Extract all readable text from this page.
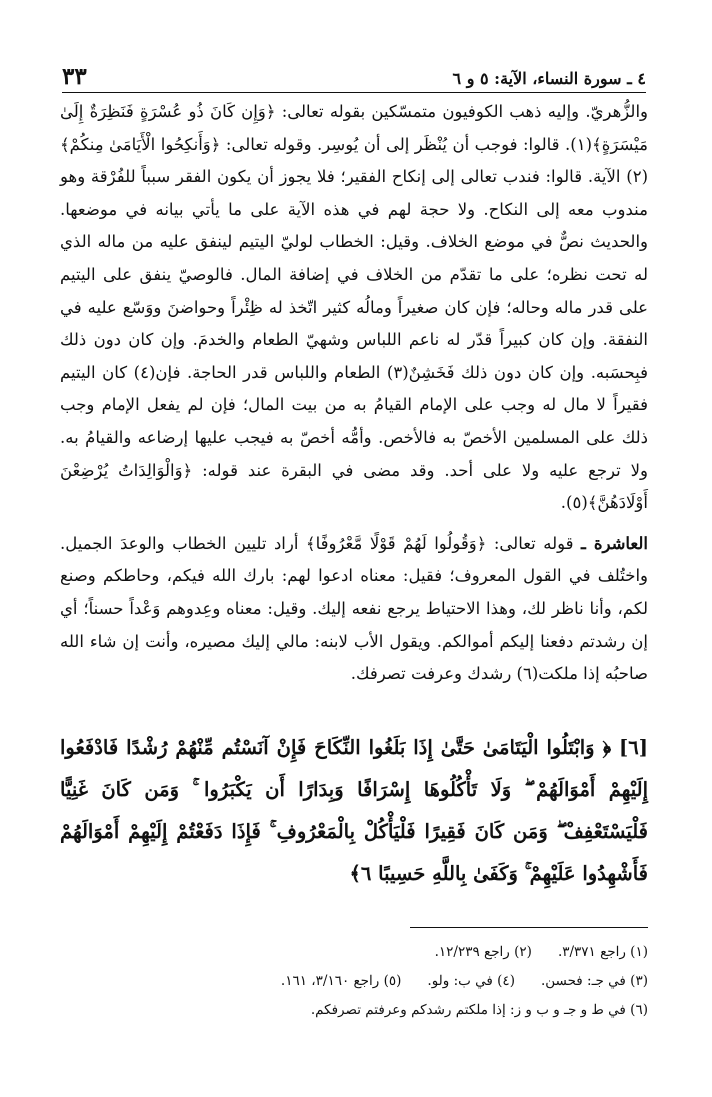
٤ ـ سورة النساء، الآية: ٥ و ٦
٣٣

والزُّهريّ. وإليه ذهب الكوفيون متمسّكين بقوله تعالى: ﴿وَإِن كَانَ ذُو عُسْرَةٍ فَنَظِرَةٌ إِلَىٰ مَيْسَرَةٍ﴾(١). قالوا: فوجب أن يُنْظَر إلى أن يُوسِر. وقوله تعالى: ﴿وَأَنكِحُوا الْأَيَامَىٰ مِنكُمْ﴾(٢) الآية. قالوا: فندب تعالى إلى إنكاح الفقير؛ فلا يجوز أن يكون الفقر سبباً للفُرْقة وهو مندوب معه إلى النكاح. ولا حجة لهم في هذه الآية على ما يأتي بيانه في موضعها. والحديث نصٌّ في موضع الخلاف. وقيل: الخطاب لوليّ اليتيم لينفق عليه من ماله الذي له تحت نظره؛ على ما تقدّم من الخلاف في إضافة المال. فالوصيّ ينفق على اليتيم على قدر ماله وحاله؛ فإن كان صغيراً ومالُه كثير اتّخذ له ظِئْراً وحواضنَ ووَسّع عليه في النفقة. وإن كان كبيراً قدّر له ناعم اللباس وشهيّ الطعام والخدمَ. وإن كان دون ذلك فبِحسَبه. وإن كان دون ذلك فَخَشِنٌ(٣) الطعام واللباس قدر الحاجة. فإن(٤) كان اليتيم فقيراً لا مال له وجب على الإمام القيامُ به من بيت المال؛ فإن لم يفعل الإمام وجب ذلك على المسلمين الأخصّ به فالأخص. وأمُّه أخصّ به فيجب عليها إرضاعه والقيامُ به. ولا ترجع عليه ولا على أحد. وقد مضى في البقرة عند قوله: ﴿وَالْوَالِدَاتُ يُرْضِعْنَ أَوْلَادَهُنَّ﴾(٥).

العاشرة ـ قوله تعالى: ﴿وَقُولُوا لَهُمْ قَوْلًا مَّعْرُوفًا﴾ أراد تليين الخطاب والوعدَ الجميل. واختُلف في القول المعروف؛ فقيل: معناه ادعوا لهم: بارك الله فيكم، وحاطكم وصنع لكم، وأنا ناظر لك، وهذا الاحتياط يرجع نفعه إليك. وقيل: معناه وعِدوهم وَعْداً حسناً؛ أي إن رشدتم دفعنا إليكم أموالكم. ويقول الأب لابنه: مالي إليك مصيره، وأنت إن شاء الله صاحبُه إذا ملكت(٦) رشدك وعرفت تصرفك.

[٦] ﴿ وَابْتَلُوا الْيَتَامَىٰ حَتَّىٰ إِذَا بَلَغُوا النِّكَاحَ فَإِنْ آنَسْتُم مِّنْهُمْ رُشْدًا فَادْفَعُوا إِلَيْهِمْ أَمْوَالَهُمْ ۖ وَلَا تَأْكُلُوهَا إِسْرَافًا وَبِدَارًا أَن يَكْبَرُوا ۚ وَمَن كَانَ غَنِيًّا فَلْيَسْتَعْفِفْ ۖ وَمَن كَانَ فَقِيرًا فَلْيَأْكُلْ بِالْمَعْرُوفِ ۚ فَإِذَا دَفَعْتُمْ إِلَيْهِمْ أَمْوَالَهُمْ فَأَشْهِدُوا عَلَيْهِمْ ۚ وَكَفَىٰ بِاللَّهِ حَسِيبًا ٦﴾
(١) راجع ٣/٣٧١.
(٢) راجع ١٢/٢٣٩.
(٣) في جـ: فحسن.
(٤) في ب: ولو.
(٥) راجع ٣/١٦٠، ١٦١.
(٦) في ط و جـ و ب و ز: إذا ملكتم رشدكم وعرفتم تصرفكم.
